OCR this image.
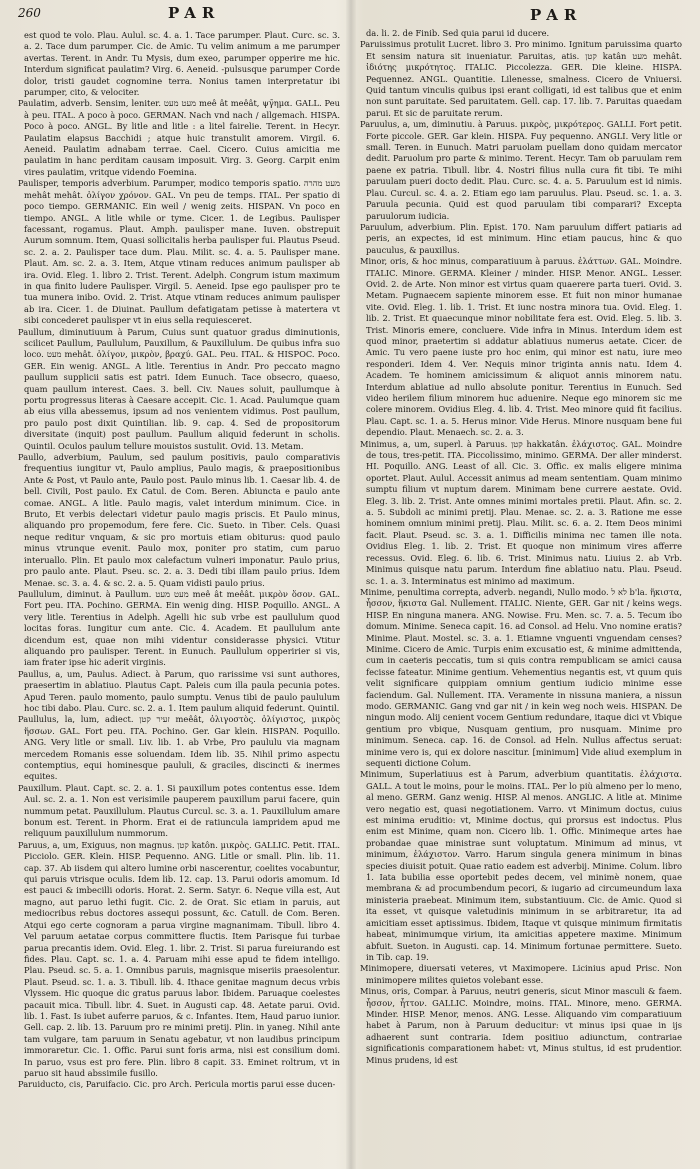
260	PAR	PAR

est quod te volo. Plau. Aulul. sc. 4. a. 1. Tace parumper. Plaut. Curc. sc. 3. a. 2. Tace dum parumper. Cic. de Amic. Tu velim animum a me parumper avertas. Terent. in Andr. Tu Mysis, dum exeo, parumper opperire me hic. Interdum significat paulatim? Virg. 6. Aeneid. -pulsusque parumper Corde dolor, tristi gaudet cognomine terra. Nonius tamen interpretatur ibi parumper, cito, & velociter.

Paulatim, adverb. Sensim, leniter. מעט מעט meê ât meêât, ψγ̄ημα. GALL. Peu à peu. ITAL. A poco à poco. GERMAN. Nach vnd nach / allgemach. HISPA. Poco à poco. ANGL. By litle and litle : a litel fairelie. Terent. in Hecyr. Paulatim elapsus Bacchidi ; atque huic transtulit amorem. Virgil. 6. Aeneid. Paulatim adnabam terrae. Cael. Cicero. Cuius amicitia me paulatim in hanc perditam causam imposuit. Virg. 3. Georg. Carpit enim vires paulatim, vritque videndo Foemina.

Paulisper, temporis adverbium. Parumper, modico temporis spatio. מעט מהרה mehât mehât. ὀλίγον χρόνον. GAL. Vn peu de temps. ITAL. Per spatio di poco tiempo. GERMANIC. Ein weil / wenig zeits. HISPAN. Vn poco en tiempo. ANGL. A litle while or tyme. Cicer. 1. de Legibus. Paulisper facessant, rogamus. Plaut. Amph. paulisper mane. Iuven. obstrepuit Aurum somnum. Item, Quasi sollicitalis herba paulisper fui. Plautus Pseud. sc. 2. a. 2. Paulisper tace dum. Plau. Milit. sc. 4. a. 5. Paulisper mane. Plaut. Am. sc. 2. a. 3. Item, Atque vtinam reduces animum paulisper ab ira. Ovid. Eleg. 1. libro 2. Trist. Terent. Adelph. Congrum istum maximum in qua finito ludere Paulisper. Virgil. 5. Aeneid. Ipse ego paulisper pro te tua munera inibo. Ovid. 2. Trist. Atque vtinam reduces animum paulisper ab ira. Cicer. 1. de Diuinat. Paullum defatigatam petisse à matertera vt sibi concederet paulisper vt in eius sella requiesceret.

Paullum, diminutiuum à Parum, Cuius sunt quatuor gradus diminutionis, scilicet Paullum, Paullulum, Pauxillum, & Pauxillulum. De quibus infra suo loco. מעט mehât. ὀλίγον, μικρὸν, βραχύ. GAL. Peu. ITAL. & HISPOC. Poco. GER. Ein wenig. ANGL. A litle. Terentius in Andr. Pro peccato magno paullum supplicii satis est patri. Idem Eunuch. Tace obsecro, quaeso, quam paullum interest. Caes. 3. bell. Civ. Naues soluit, paullumque à portu progressus literas à Caesare accepit. Cic. 1. Acad. Paulumque quam ab eius villa abessemus, ipsum ad nos venientem vidimus. Post paullum, pro paulo post dixit Quintilian. lib. 9. cap. 4. Sed de propositorum diversitate (inquit) post paullum. Paullum aliquid federunt in scholis. Quintil. Oculos paulum tellure mouistos sustulit. Ovid. 13. Metam.

Paullo, adverbium, Paulum, sed paulum positivis, paulo comparativis frequentius iungitur vt, Paulo amplius, Paulo magis, & praepositionibus Ante & Post, vt Paulo ante, Paulo post. Paulo minus lib. 1. Caesar lib. 4. de bell. Civili, Post paulo. Ex Catul. de Com. Beren. Abiuncta e paulo ante comae. ANGL. A litle. Paulo magis, valet interdum minimum. Cice. in Bruto, Et verbis delectari videtur paulo magis priscis. Et Paulo minus, aliquando pro propemodum, fere fere. Cic. Sueto. in Tiber. Cels. Quasi neque reditur vnquam, & sic pro mortuis etiam obiturus: quod paulo minus vtrunque evenit. Paulo mox, poniter pro statim, cum paruo interuallo. Plin. Et paulo mox calefactum vulneri imponatur. Paulo prius, pro paulo ante. Plaut. Pseu. sc. 2. a. 3. Dedi tibi illam paulo prius. Idem Menae. sc. 3. a. 4. & sc. 2. a. 5. Quam vidisti paulo prius.

Paullulum, diminut. à Paullum. מעט מעט meê ât meêât. μικρὸν ὅσον. GAL. Fort peu. ITA. Pochino. GERMA. Ein wenig ding. HISP. Poquillo. ANGL. A very litle. Terentius in Adelph. Agelli hic sub vrbe est paullulum quod locitas foras. Iungitur cum ante. Cic. 4. Academ. Et paullulum ante dicendum est, quae non mihi videntur considerasse physici. Vtitur aliquando pro paulisper. Terent. in Eunuch. Paullulum opperirier si vis, iam frater ipse hic aderit virginis.

Paullus, a, um, Paulus. Adiect. à Parum, quo rarissime vsi sunt authores, praesertim in ablatiuo. Plautus Capt. Paleis cum illa paula pecunia potes. Apud Teren. paulo momento, paulo sumptu. Venus tibi de paulo paululum hoc tibi dabo. Plau. Curc. sc. 2. a. 1. Item paulum aliquid federunt. Quintil.

Paullulus, la, lum, adiect. זעיר קטן meêât, ὀλιγοστὸς. ὀλίγιστος, μικρὸς ἥσσων. GAL. Fort peu. ITA. Pochino. Ger. Gar klein. HISPAN. Poquillo. ANG. Very litle or small. Liv. lib. 1. ab Vrbe, Pro paululu via magnam mercedem Romanis esse soluendam. Idem lib. 35. Nihil primo aspectu contemptius, equi hominesque paululi, & graciles, discincti & inermes equites.

Pauxillum. Plaut. Capt. sc. 2. a. 1. Si pauxillum potes contentus esse. Idem Aul. sc. 2. a. 1. Non est verisimile pauperem pauxillum parui facere, quin nummum petat. Pauxillulum. Plautus Curcul. sc. 3. a. 1. Pauxillulum amare bonum est. Terent. in Phorm. Erat ei de ratiuncula iampridem apud me reliquum pauxillulum nummorum.

Paruus, a, um, Exiguus, non magnus. קטן katôn. μικρὸς. GALLIC. Petit. ITAL. Picciolo. GER. Klein. HISP. Pequenno. ANG. Litle or small. Plin. lib. 11. cap. 37. Ab iisdem qui altero lumine orbi nascerentur, coelites vocabuntur, qui paruis vtrisque oculis. Idem lib. 12. cap. 13. Parui odoris amomum. Id est pauci & imbecilli odoris. Horat. 2. Serm. Satyr. 6. Neque villa est, Aut magno, aut paruo lethi fugit. Cic. 2. de Orat. Sic etiam in paruis, aut mediocribus rebus doctores assequi possunt, &c. Catull. de Com. Beren. Atqui ego certe cognoram a parua virgine magnanimam. Tibull. libro 4. Vel paruum aetatae corpus committere fluctis. Item Parisque fui turbae parua precantis idem. Ovid. Eleg. 1. libr. 2. Trist. Si parua fureiurando est fides. Plau. Capt. sc. 1. a. 4. Paruam mihi esse apud te fidem intelligo. Plau. Pseud. sc. 5. a. 1. Omnibus paruis, magnisque miseriis praesolentur. Plaut. Pseud. sc. 1. a. 3. Tibull. lib. 4. Ithace genitae magnum decus vrbis Vlyssem. Hic quoque dic gratus paruus labor. Ibidem. Paruaque coelestes pacauit mica. Tibull. libr. 4. Suet. in Augusti cap. 48. Aetate parui. Ovid. lib. 1. Fast. Is iubet auferre paruos, & c. Infantes. Item, Haud paruo iunior. Gell. cap. 2. lib. 13. Paruum pro re minimi pretij. Plin. in yaneg. Nihil ante tam vulgare, tam paruum in Senatu agebatur, vt non laudibus principum immoraretur. Cic. 1. Offic. Parui sunt foris arma, nisi est consilium domi. In paruo, vsus est pro fere. Plin. libro 8 capit. 33. Eminet roltrum, vt in paruo sit haud abssimile fusillo.

Paruiducto, cis, Paruifacio. Cic. pro Arch. Pericula mortis parui esse ducen-

da. li. 2. de Finib. Sed quia parui id ducere.

Paruissimus protulit Lucret. libro 3. Pro minimo. Ignitum paruissima quarto Et sensim natura sit inueniatur. Paruitas, atis. קטן katân מעט mehât. ἰδιότης μικρότητος. ITALIC. Piccolezza. GER. Die kleine. HISPA. Pequennez. ANGL. Quantitie. Lilenesse, smalness. Cicero de Vniuersi. Quid tantum vinculis quibus ipsi erant colligati, id est talibus que et enim non sunt paruitate. Sed paruitatem. Gell. cap. 17. lib. 7. Paruitas quaedam parui. Et sic de paruitate rerum.

Paruulus, a, um, diminutiu. à Paruus. μικρὸς, μικρότερος. GALLI. Fort petit. Forte piccole. GER. Gar klein. HISPA. Fuy pequenno. ANGLI. Very litle or small. Teren. in Eunuch. Matri paruolam puellam dono quidam mercator dedit. Paruolum pro parte & minimo. Terent. Hecyr. Tam ob paruulam rem paene ex patria. Tibull. libr. 4. Nostri filius nulla cura fit tibi. Te mihi paruulam pueri docto dedit. Plau. Curc. sc. 4. a. 5. Paruulum est id nimis. Plau. Curcul. sc. 4. a. 2. Etiam ego iam paruulus. Plau. Pseud. sc. 1. a. 3. Paruula pecunia. Quid est quod paruulam tibi comparari? Excepta paruulorum iudicia.

Paruulum, adverbium. Plin. Epist. 170. Nam paruulum differt patiaris ad peris, an expectes, id est minimum. Hinc etiam paucus, hinc & quo pauculus, & pauxillus.

Minor, oris, & hoc minus, comparatiuum à paruus. ἐλάττων. GAL. Moindre. ITALIC. Minore. GERMA. Kleiner / minder. HISP. Menor. ANGL. Lesser. Ovid. 2. de Arte. Non minor est virtus quam quaerere parta tueri. Ovid. 3. Metam. Pugnaecem sapiente minorem esse. Et fuit non minor humanae vite. Ovid. Eleg. 1. lib. 1. Trist. Et iunc nostra minora tua. Ovid. Eleg. 1. lib. 2. Trist. Et quaecunque minor nobilitate fera est. Ovid. Eleg. 5. lib. 3. Trist. Minoris emere, concluere. Vide infra in Minus. Interdum idem est quod minor, praetertim si addatur ablatiuus numerus aetate. Cicer. de Amic. Tu vero paene iuste pro hoc enim, qui minor est natu, iure meo responderi. Idem 4. Ver. Nequis minor triginta annis natu. Idem 4. Academ. Te hominem amicissimum & aliquot annis minorem natu. Interdum ablatiue ad nullo absolute ponitur. Terentius in Eunuch. Sed video herilem filium minorem huc aduenire. Neque ego minorem sic me colere minorem. Ovidius Eleg. 4. lib. 4. Trist. Meo minore quid fit facilius. Plau. Capt. sc. 1. a. 5. Herus minor. Vide Herus. Minore nusquam bene fui dependio. Plaut. Menaech. sc. 2. a. 3.

Minimus, a, um, superl. à Paruus. קטן hakkatân. ἐλάχιστος. GAL. Moindre de tous, tres-petit. ITA. Piccolissimo, minimo. GERMA. Der aller minderst. HI. Poquillo. ANG. Least of all. Cic. 3. Offic. ex malis eligere minima oportet. Plaut. Aulul. Accessit animus ad meam sententiam. Quam minimo sumptu filium vt nuptum darem. Minimam bene currere aestate. Ovid. Eleg. 3. lib. 2. Trist. Ante omnes minimi mortales pretii. Plaut. Afin. sc. 2. a. 5. Subdoli ac minimi pretij. Plau. Menae. sc. 2. a. 3. Ratione me esse hominem omnium minimi pretij. Plau. Milit. sc. 6. a. 2. Item Deos minimi facit. Plaut. Pseud. sc. 3. a. 1. Difficilis minima nec tamen ille nota. Ovidius Eleg. 1. lib. 2. Trist. Et quoque non minimum vires afferre recessus. Ovid. Eleg. 6. lib. 6. Trist. Minimus natu. Liuius 2. ab Vrb. Minimus quisque natu parum. Interdum fine ablatiuo natu. Plau. Pseud. sc. 1. a. 3. Interminatus est minimo ad maximum.

Minime, penultima correpta, adverb. negandi, Nullo modo. לא ל b'la. ἥκιστα, ἧσσον, ἥκιστα Gal. Nullement. ITALIC. Niente, GER. Gar nit / keins wegs. HISP. En ninguna manera. ANG. Nowise. Fru. Men. sc. 7. a. 5. Tecum ibo domum. Minime. Seneca capit. 16. ad Consol. ad Helu. Vno nomine eratis? Minime. Plaut. Mostel. sc. 3. a. 1. Etiamne vnguenti vnguendam censes? Minime. Cicero de Amic. Turpis enim excusatio est, & minime admittenda, cum in caeteris peccatis, tum si quis contra rempublicam se amici causa fecisse fateatur. Minime gentium. Vehementius negantis est, vt quum quis velit significare quippiam omnium gentium iudicio minime esse faciendum. Gal. Nullement. ITA. Veramente in nissuna maniera, a nissun modo. GERMANIC. Gang vnd gar nit / in kein weg noch weis. HISPAN. De ningun modo. Alij cenient vocem Gentium redundare, itaque dici vt Vbique gentium pro vbique, Nusquam gentium, pro nusquam. Minime pro minimum. Seneca. cap. 16. de Consol. ad Heln. Nullus affectus seruat: minime vero is, qui ex dolore nascitur. [minimum] Vide aliud exemplum in sequenti dictione Colum.

Minimum, Superlatiuus est à Parum, adverbium quantitatis. ἐλάχιστα. GALL. A tout le moins, pour le moins. ITAL. Per lo più almeno per lo meno, al meno. GERM. Ganz wenig. HISP. Al menos. ANGLIC. A litle at. Minime vero negatio est, quasi negotiationem. Varro. vt Minimum doctus, cuius est minima eruditio: vt, Minime doctus, qui prorsus est indoctus. Plus enim est Minime, quam non. Cicero lib. 1. Offic. Minimeque artes hae probandae quae ministrae sunt voluptatum. Minimum ad minus, vt minimum, ἐλάχιστον. Varro. Harum singula genera minimum in binas species diuisit potuit. Quae ratio eadem est adverbij. Minime. Colum. libro 1. Iata bubilia esse oportebit pedes decem, vel minimè nonem, quae membrana & ad procumbendum pecori, & iugario ad circumeundum laxa ministeria praebeat. Minimum item, substantiuum. Cic. de Amic. Quod si ita esset, vt quisque valetudinis minimum in se arbitraretur, ita ad amicitiam esset aptissimus. Ibidem, Itaque vt quisque minimum firmitatis habeat, minimumque virium, ita amicitias appetere maxime. Minimum abfuit. Sueton. in Augusti. cap. 14. Minimum fortunae permittere. Sueto. in Tib. cap. 19.

Minimopere, diuersati veteres, vt Maximopere. Licinius apud Prisc. Non minimopere milites quietos volebant esse.

Minus, oris, Compar. à Paruus, neutri generis, sicut Minor masculi & faem. ἧσσον, ἧττον. GALLIC. Moindre, moins. ITAL. Minore, meno. GERMA. Minder. HISP. Menor, menos. ANG. Lesse. Aliquando vim comparatiuum habet à Parum, non à Paruum deducitur: vt minus ipsi quae in ijs adhaerent sunt contraria. Idem positiuo adiunctum, contrariae significationis comparationem habet: vt, Minus stultus, id est prudentior. Minus prudens, id est
